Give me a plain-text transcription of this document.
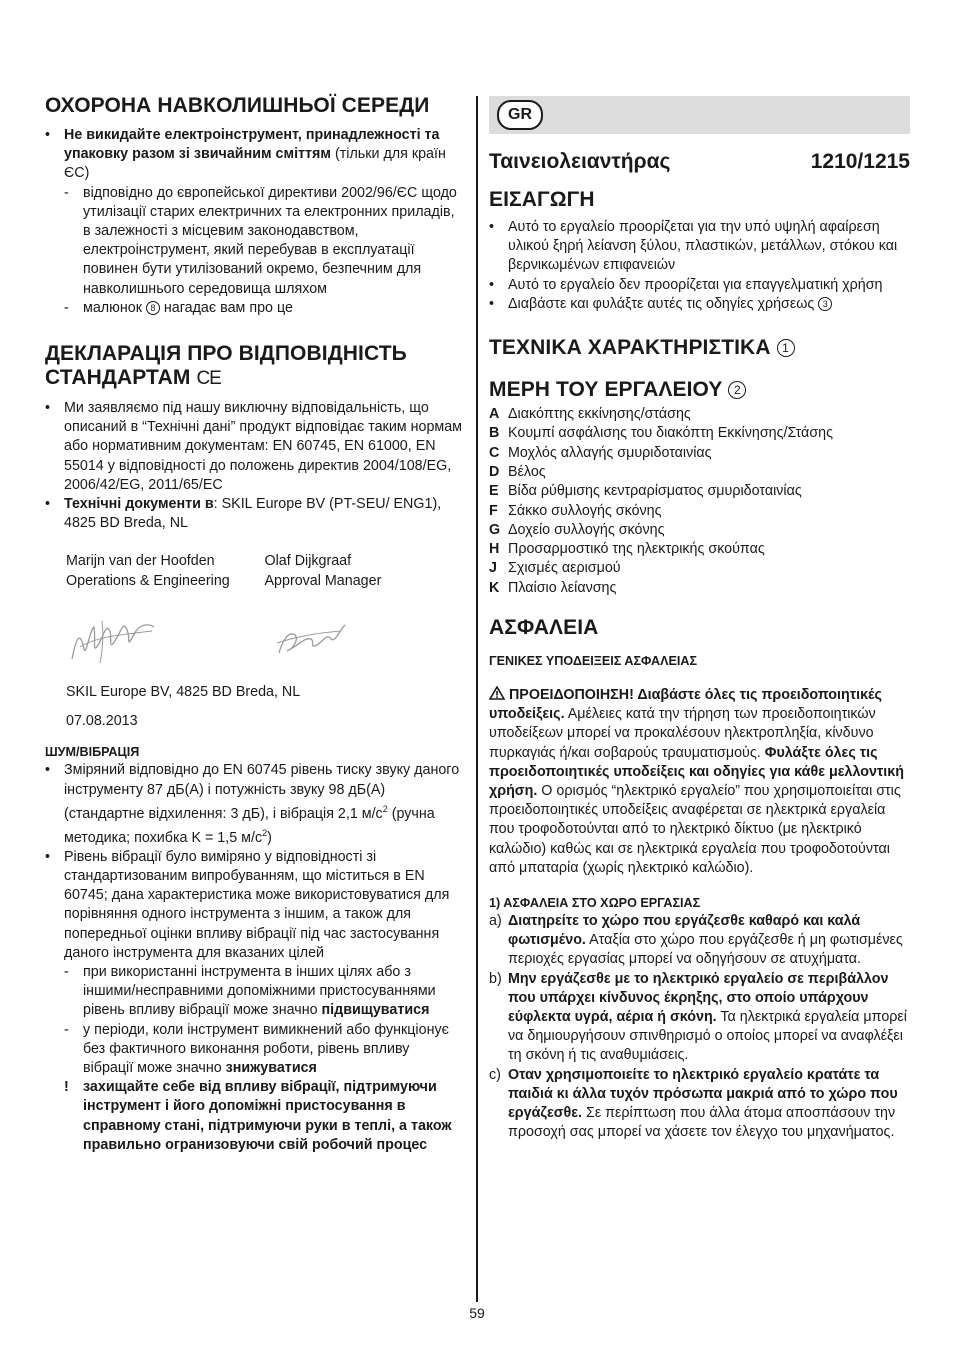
ОХОРОНА НАВКОЛИШНЬОЇ СЕРЕДИ
• Не викидайте електроінструмент, принадлежності та упаковку разом зі звичайним сміттям (тільки для країн ЄС)
- відповідно до європейської директиви 2002/96/ЄС щодо утилізації старих електричних та електронних приладів, в залежності з місцевим законодавством, електроінструмент, який перебував в експлуатації повинен бути утилізований окремо, безпечним для навколишнього середовища шляхом
- малюнок 8 нагадає вам про це
ДЕКЛАРАЦІЯ ПРО ВІДПОВІДНІСТЬ
СТАНДАРТАМ CE
• Ми заявляємо під нашу виключну відповідальність, що описаний в “Технічні дані” продукт відповідає таким нормам або нормативним документам: EN 60745, EN 61000, EN 55014 у відповідності до положень директив 2004/108/EG, 2006/42/EG, 2011/65/EC
• Технічні документи в: SKIL Europe BV (PT-SEU/ ENG1), 4825 BD Breda, NL
Marijn van der Hoofden
Operations & Engineering
Olaf Dijkgraaf
Approval Manager

SKIL Europe BV, 4825 BD Breda, NL

07.08.2013

ШУМ/ВІБРАЦІЯ

• Зміряний відповідно до EN 60745 рівень тиску звуку даного інструменту 87 дБ(A) і потужність звуку 98 дБ(A) (стандартне відхилення: 3 дБ), і вібрація 2,1 $м/c^2$ (ручна методика; похибка K = 1,5 $м/c^2$)
• Рівень вібрації було виміряно у відповідності зі стандартизованим випробуванням, що міститься в EN 60745; дана характеристика може використовуватися для порівняння одного інструмента з іншим, а також для попередньої оцінки впливу вібрації під час застосування даного інструмента для вказаних цілей
- при використанні інструмента в інших цілях або з іншими/несправними допоміжними пристосуваннями рівень впливу вібрації може значно підвищуватися
- у періоди, коли інструмент вимикнений або функціонує без фактичного виконання роботи, рівень впливу вібрації може значно знижуватися
! захищайте себе від впливу вібрації, підтримуючи інструмент і його допоміжні пристосування в справному стані, підтримуючи руки в теплі, а також правильно огранизовуючи свій робочий процес
GR
Ταινειολειαντήρας	1210/1215
ΕΙΣΑΓΩΓΗ
• Αυτό το εργαλείο προορίζεται για την υπό υψηλή αφαίρεση υλικού ξηρή λείανση ξύλου, πλαστικών, μετάλλων, στόκου και βερνικωμένων επιφανειών
• Αυτό το εργαλείο δεν προορίζεται για επαγγελματική χρήση
• Διαβάστε και φυλάξτε αυτές τις οδηγίες χρήσεως 3
ΤΕΧΝΙΚΑ ΧΑΡΑΚΤΗΡΙΣΤΙΚΑ 1
ΜΕΡΗ ΤΟΥ ΕΡΓΑΛΕΙΟΥ 2
A Διακόπτης εκκίνησης/στάσης
B Κουμπί ασφάλισης του διακόπτη Εκκίνησης/Στάσης
C Μοχλός αλλαγής σμυριδοταινίας
D Βέλος
E Βίδα ρύθμισης κεντραρίσματος σμυριδοταινίας
F Σάκκο συλλογής σκόνης
G Δοχείο συλλογής σκόνης
H Προσαρμοστικό της ηλεκτρικής σκούπας
J Σχισμές αερισμού
K Πλαίσιο λείανσης
ΑΣΦΑΛΕΙΑ

ΓΕΝΙΚΕΣ ΥΠΟΔΕΙΞΕΙΣ ΑΣΦΑΛΕΙΑΣ

ΠΡΟΕΙΔΟΠΟΙΗΣΗ! Διαβάστε όλες τις προειδοποιητικές υποδείξεις. Αμέλειες κατά την τήρηση των προειδοποιητικών υποδείξεων μπορεί να προκαλέσουν ηλεκτροπληξία, κίνδυνο πυρκαγιάς ή/και σοβαρούς τραυματισμούς. Φυλάξτε όλες τις προειδοποιητικές υποδείξεις και οδηγίες για κάθε μελλοντική χρήση. Ο ορισμός “ηλεκτρικό εργαλείο” που χρησιμοποιείται στις προειδοποιητικές υποδείξεις αναφέρεται σε ηλεκτρικά εργαλεία που τροφοδοτούνται από το ηλεκτρικό δίκτυο (με ηλεκτρικό καλώδιο) καθώς και σε ηλεκτρικά εργαλεία που τροφοδοτούνται από μπαταρία (χωρίς ηλεκτρικό καλώδιο).

1) ΑΣΦΑΛΕΙΑ ΣΤΟ ΧΩΡΟ ΕΡΓΑΣΙΑΣ

a) Διατηρείτε το χώρο που εργάζεσθε καθαρό και καλά φωτισμένο. Αταξία στο χώρο που εργάζεσθε ή μη φωτισμένες περιοχές εργασίας μπορεί να οδηγήσουν σε ατυχήματα.
b) Μην εργάζεσθε με το ηλεκτρικό εργαλείο σε περιβάλλον που υπάρχει κίνδυνος έκρηξης, στο οποίο υπάρχουν εύφλεκτα υγρά, αέρια ή σκόνη. Τα ηλεκτρικά εργαλεία μπορεί να δημιουργήσουν σπινθηρισμό ο οποίος μπορεί να αναφλέξει τη σκόνη ή τις αναθυμιάσεις.
c) Οταν χρησιμοποιείτε το ηλεκτρικό εργαλείο κρατάτε τα παιδιά κι άλλα τυχόν πρόσωπα μακριά από το χώρο που εργάζεσθε. Σε περίπτωση που άλλα άτομα αποσπάσουν την προσοχή σας μπορεί να χάσετε τον έλεγχο του μηχανήματος.
59
